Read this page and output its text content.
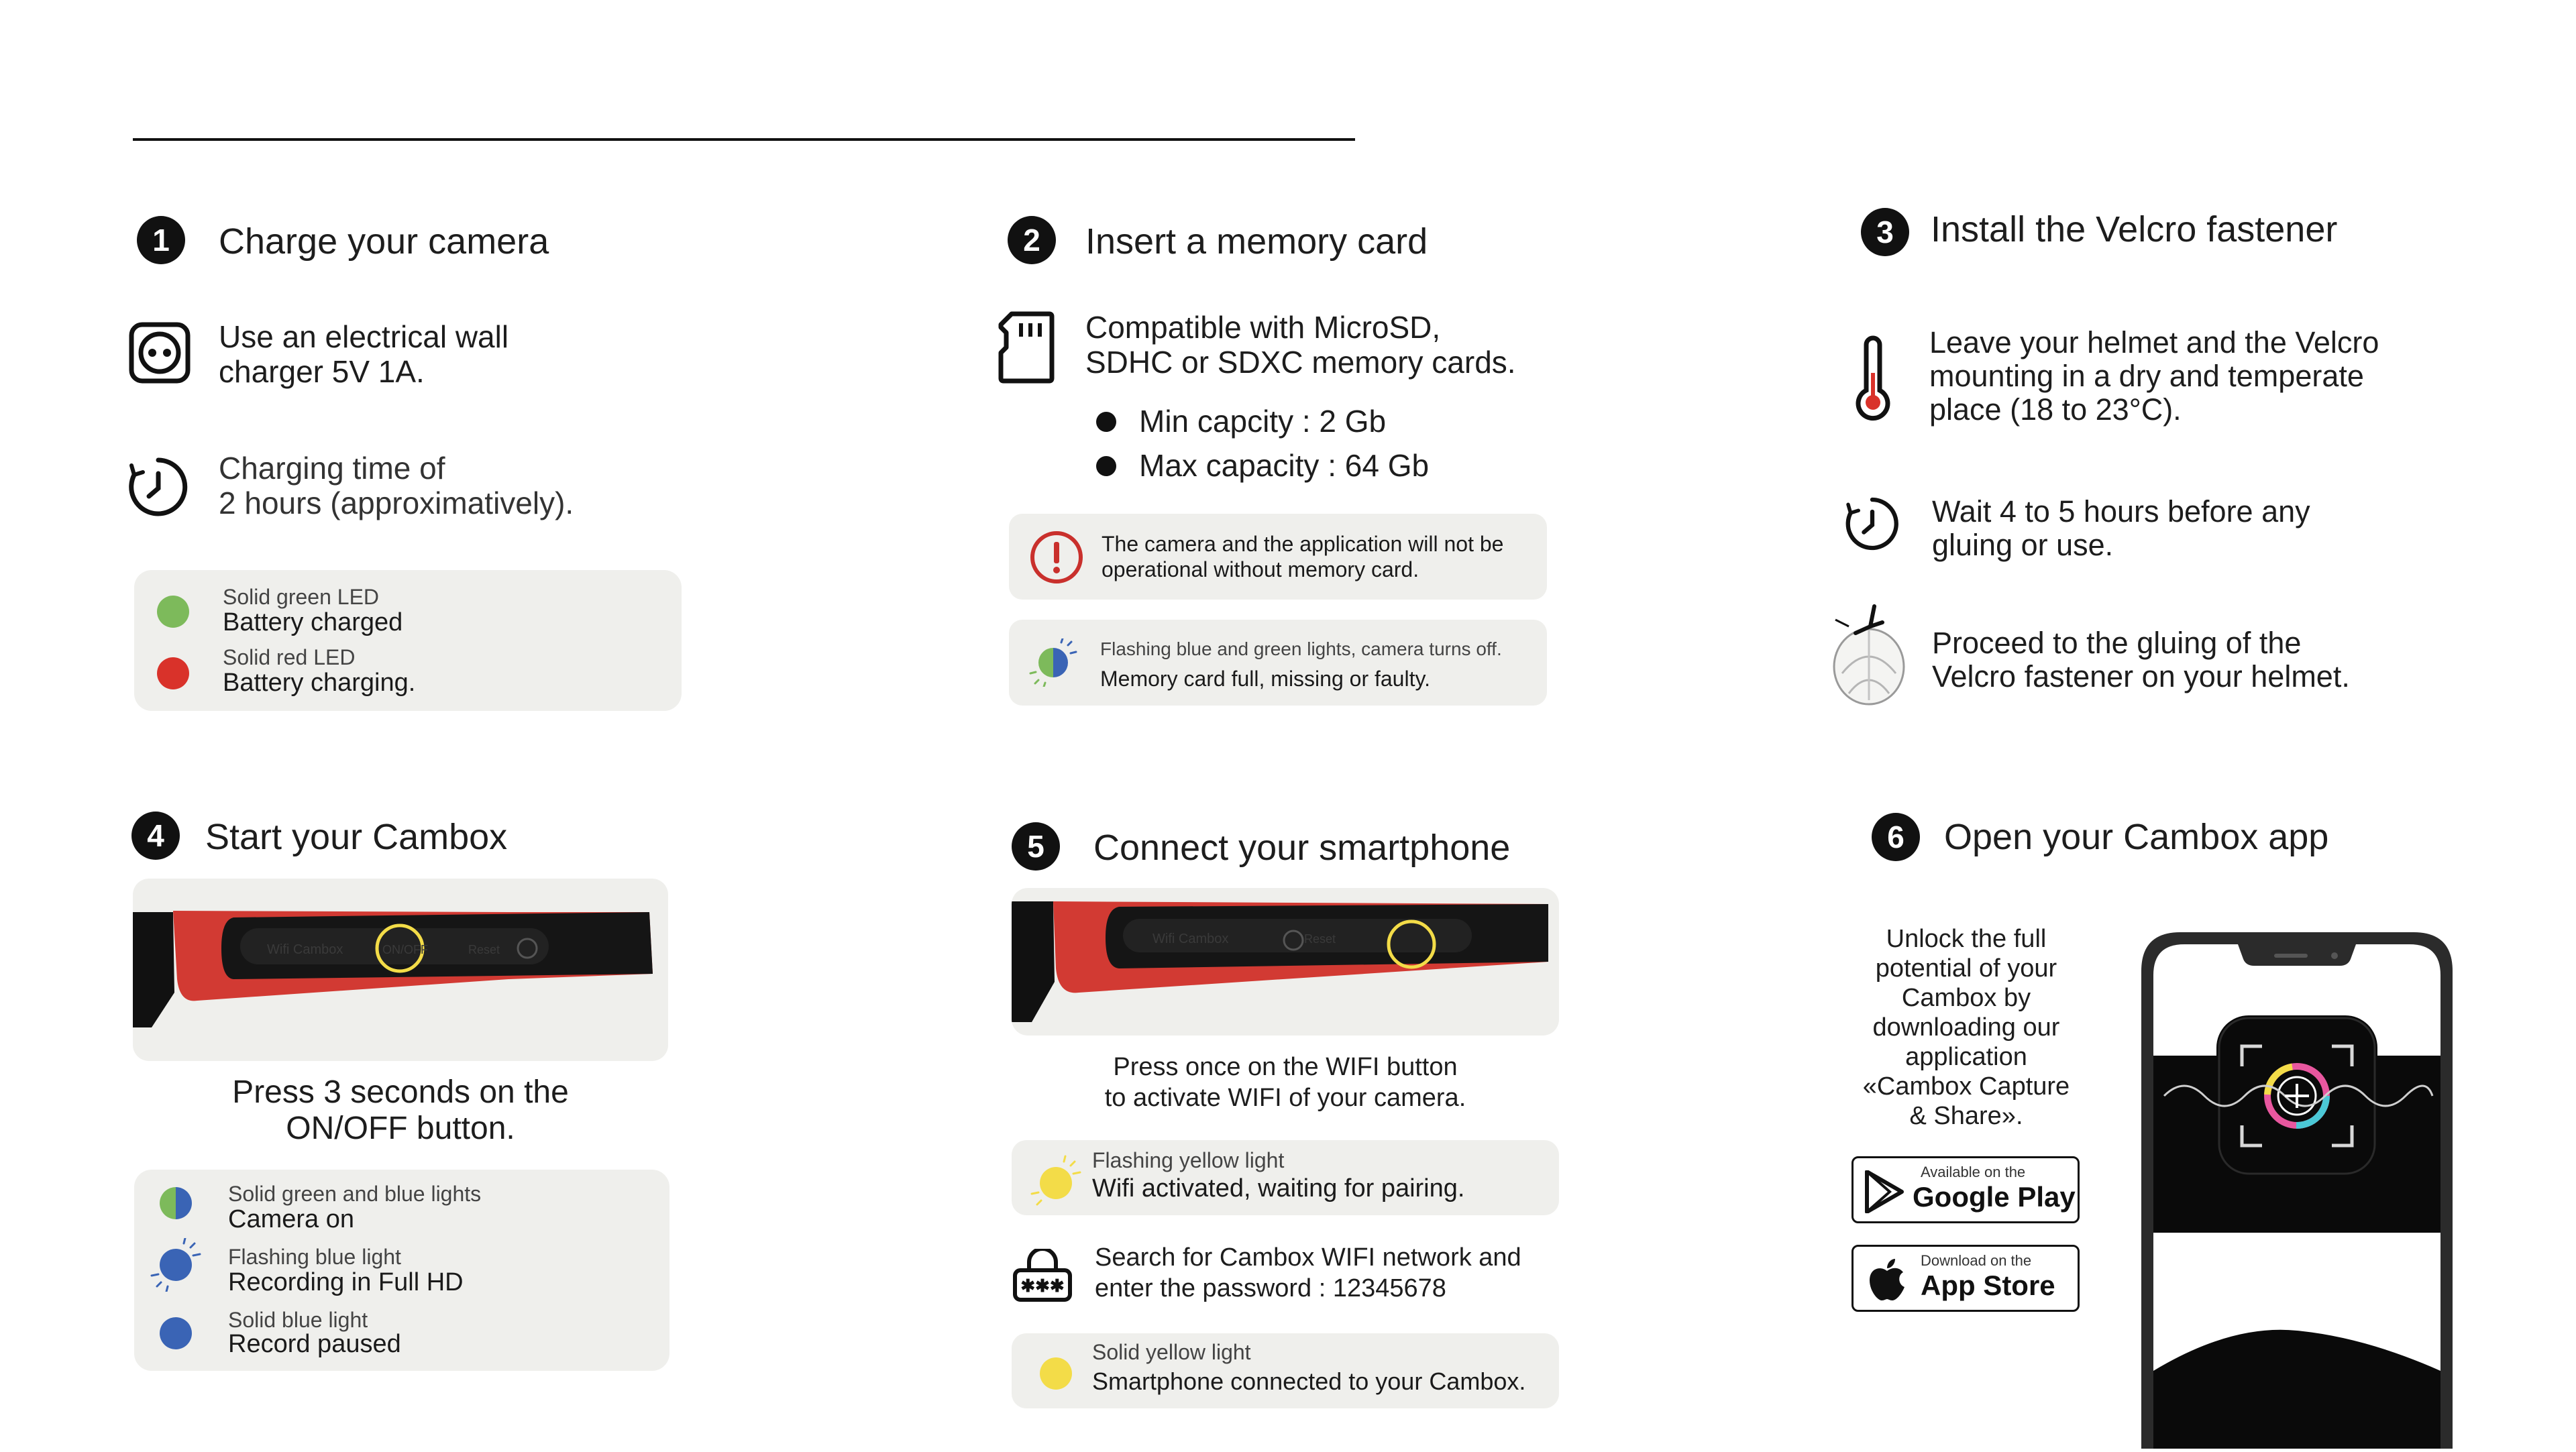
1	Charge your camera
Use an electrical wall
charger 5V 1A.
Charging time of
2 hours (approximatively).
Solid green LED
Battery charged
Solid red LED
Battery charging.
2	Insert a memory card
Compatible with MicroSD,
SDHC or SDXC memory cards.
Min capcity : 2 Gb
Max capacity : 64 Gb
The camera and the application will not be
operational without memory card.
Flashing blue and green lights, camera turns off.
Memory card full, missing or faulty.
3	Install the Velcro fastener
Leave your helmet and the Velcro
mounting in a dry and temperate
place (18 to 23°C).
Wait 4 to 5 hours before any
gluing or use.
Proceed to the gluing of the
Velcro fastener on your helmet.
4	Start your Cambox
Wifi Cambox	ON/OFF	Reset
Press 3 seconds on the
ON/OFF button.
Solid green and blue lights
Camera on
Flashing blue light
Recording in Full HD
Solid blue light
Record paused
5	Connect your smartphone
Wifi Cambox	Reset
Press once on the WIFI button
to activate WIFI of your camera.
Flashing yellow light
Wifi activated, waiting for pairing.
✱✱✱
Search for Cambox WIFI network and
enter the password : 12345678
Solid yellow light
Smartphone connected to your Cambox.
6	Open your Cambox app
Unlock the full
potential of your
Cambox by
downloading our
application
«Cambox Capture
& Share».
Available on the
Google Play
Download on the
App Store
